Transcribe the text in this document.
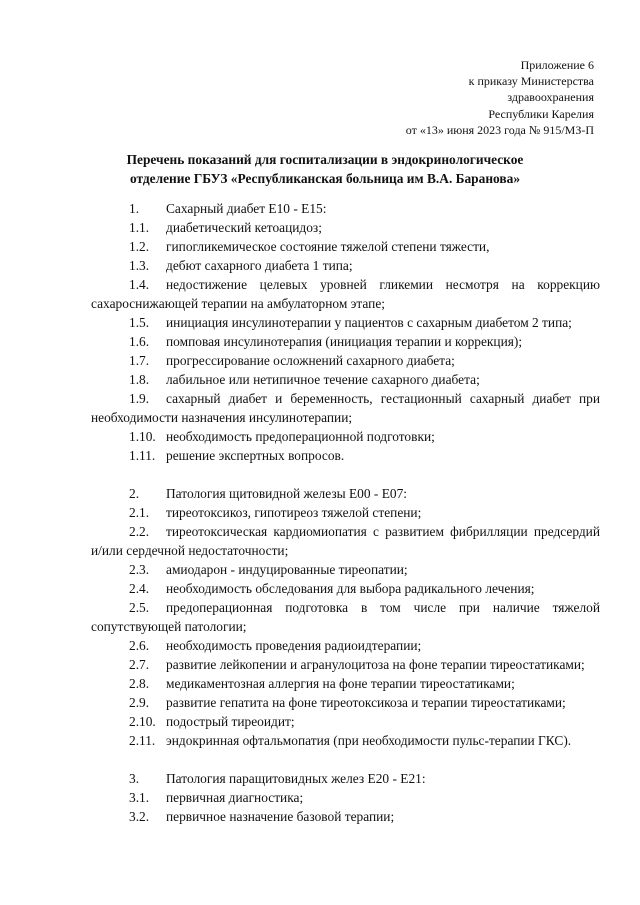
Приложение 6
к приказу Министерства
здравоохранения
Республики Карелия
от «13» июня 2023 года № 915/МЗ-П
Перечень показаний для госпитализации в эндокринологическое
отделение ГБУЗ «Республиканская больница им В.А. Баранова»
1. Сахарный диабет Е10 - Е15:
1.1. диабетический кетоацидоз;
1.2. гипогликемическое состояние тяжелой степени тяжести,
1.3. дебют сахарного диабета 1 типа;
1.4. недостижение целевых уровней гликемии несмотря на коррекцию сахароснижающей терапии на амбулаторном этапе;
1.5. инициация инсулинотерапии у пациентов с сахарным диабетом 2 типа;
1.6. помповая инсулинотерапия (инициация терапии и коррекция);
1.7. прогрессирование осложнений сахарного диабета;
1.8. лабильное или нетипичное течение сахарного диабета;
1.9. сахарный диабет и беременность, гестационный сахарный диабет при необходимости назначения инсулинотерапии;
1.10. необходимость предоперационной подготовки;
1.11. решение экспертных вопросов.
2. Патология щитовидной железы Е00 - Е07:
2.1. тиреотоксикоз, гипотиреоз тяжелой степени;
2.2. тиреотоксическая кардиомиопатия с развитием фибрилляции предсердий и/или сердечной недостаточности;
2.3. амиодарон - индуцированные тиреопатии;
2.4. необходимость обследования для выбора радикального лечения;
2.5. предоперационная подготовка в том числе при наличие тяжелой сопутствующей патологии;
2.6. необходимость проведения радиоидтерапии;
2.7. развитие лейкопении и агранулоцитоза на фоне терапии тиреостатиками;
2.8. медикаментозная аллергия на фоне терапии тиреостатиками;
2.9. развитие гепатита на фоне тиреотоксикоза и терапии тиреостатиками;
2.10. подострый тиреоидит;
2.11. эндокринная офтальмопатия (при необходимости пульс-терапии ГКС).
3. Патология паращитовидных желез Е20 - Е21:
3.1. первичная диагностика;
3.2. первичное назначение базовой терапии;
